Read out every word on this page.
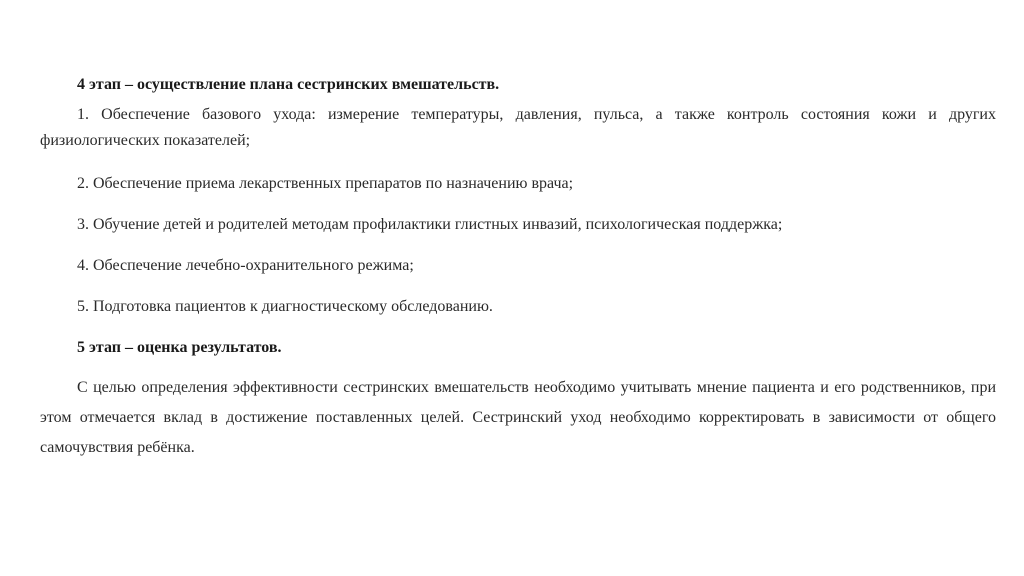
4 этап – осуществление плана сестринских вмешательств.

1. Обеспечение базового ухода: измерение температуры, давления, пульса, а также контроль состояния кожи и других физиологических показателей;

2. Обеспечение приема лекарственных препаратов по назначению врача;

3. Обучение детей и родителей методам профилактики глистных инвазий, психологическая поддержка;

4. Обеспечение лечебно-охранительного режима;

5. Подготовка пациентов к диагностическому обследованию.

5 этап – оценка результатов.

С целью определения эффективности сестринских вмешательств необходимо учитывать мнение пациента и его родственников, при этом отмечается вклад в достижение поставленных целей. Сестринский уход необходимо корректировать в зависимости от общего самочувствия ребёнка.
